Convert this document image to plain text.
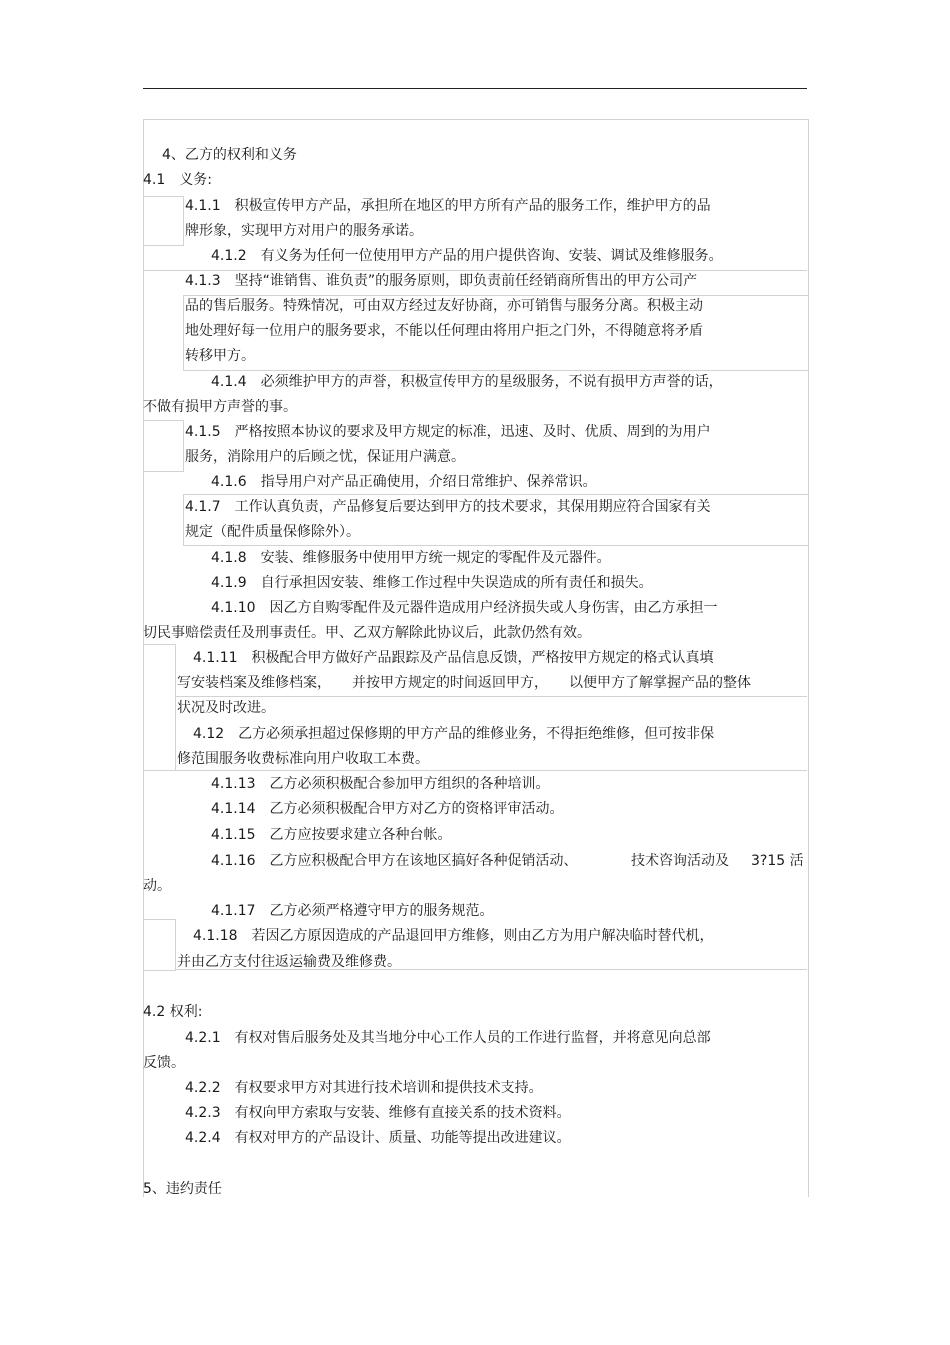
4、乙方的权利和义务
4.1　义务:
4.1.1　积极宣传甲方产品，承担所在地区的甲方所有产品的服务工作，维护甲方的品
牌形象，实现甲方对用户的服务承诺。
4.1.2　有义务为任何一位使用甲方产品的用户提供咨询、安装、调试及维修服务。
4.1.3　坚持“谁销售、谁负责”的服务原则，即负责前任经销商所售出的甲方公司产
品的售后服务。特殊情况，可由双方经过友好协商，亦可销售与服务分离。积极主动
地处理好每一位用户的服务要求，不能以任何理由将用户拒之门外，不得随意将矛盾
转移甲方。
4.1.4　必须维护甲方的声誉，积极宣传甲方的星级服务，不说有损甲方声誉的话，
不做有损甲方声誉的事。
4.1.5　严格按照本协议的要求及甲方规定的标准，迅速、及时、优质、周到的为用户
服务，消除用户的后顾之忧，保证用户满意。
4.1.6　指导用户对产品正确使用，介绍日常维护、保养常识。
4.1.7　工作认真负责，产品修复后要达到甲方的技术要求，其保用期应符合国家有关
规定（配件质量保修除外）。
4.1.8　安装、维修服务中使用甲方统一规定的零配件及元器件。
4.1.9　自行承担因安装、维修工作过程中失误造成的所有责任和损失。
4.1.10　因乙方自购零配件及元器件造成用户经济损失或人身伤害，由乙方承担一
切民事赔偿责任及刑事责任。甲、乙双方解除此协议后，此款仍然有效。
4.1.11　积极配合甲方做好产品跟踪及产品信息反馈，严格按甲方规定的格式认真填
写安装档案及维修档案，　　并按甲方规定的时间返回甲方，　　以便甲方了解掌握产品的整体
状况及时改进。
4.12　乙方必须承担超过保修期的甲方产品的维修业务，不得拒绝维修，但可按非保
修范围服务收费标准向用户收取工本费。
4.1.13　乙方必须积极配合参加甲方组织的各种培训。
4.1.14　乙方必须积极配合甲方对乙方的资格评审活动。
4.1.15　乙方应按要求建立各种台帐。
4.1.16　乙方应积极配合甲方在该地区搞好各种促销活动、	技术咨询活动及 3?15 活
动。
4.1.17　乙方必须严格遵守甲方的服务规范。
4.1.18　若因乙方原因造成的产品退回甲方维修，则由乙方为用户解决临时替代机，
并由乙方支付往返运输费及维修费。
4.2 权利:
4.2.1　有权对售后服务处及其当地分中心工作人员的工作进行监督，并将意见向总部
反馈。
4.2.2　有权要求甲方对其进行技术培训和提供技术支持。
4.2.3　有权向甲方索取与安装、维修有直接关系的技术资料。
4.2.4　有权对甲方的产品设计、质量、功能等提出改进建议。
5、违约责任
